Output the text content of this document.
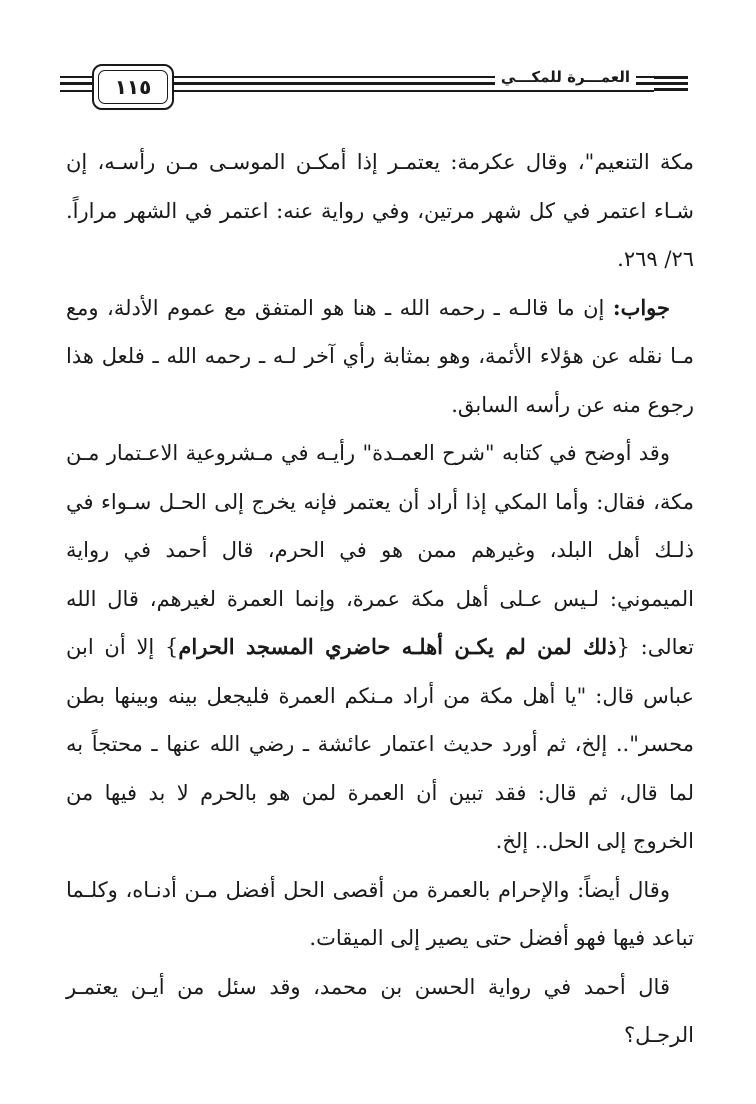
١١٥	العمـــرة للمكـــي

مكة التنعيم"، وقال عكرمة: يعتمـر إذا أمكـن الموسـى مـن رأسـه، إن شـاء اعتمر في كل شهر مرتين، وفي رواية عنه: اعتمر في الشهر مراراً. ٢٦/ ٢٦٩.

جواب: إن ما قالـه ـ رحمه الله ـ هنا هو المتفق مع عموم الأدلة، ومع مـا نقله عن هؤلاء الأئمة، وهو بمثابة رأي آخر لـه ـ رحمه الله ـ فلعل هذا رجوع منه عن رأسه السابق.

وقد أوضح في كتابه "شرح العمـدة" رأيـه في مـشروعية الاعـتمار مـن مكة، فقال: وأما المكي إذا أراد أن يعتمر فإنه يخرج إلى الحـل سـواء في ذلـك أهل البلد، وغيرهم ممن هو في الحرم، قال أحمد في رواية الميموني: لـيس عـلى أهل مكة عمرة، وإنما العمرة لغيرهم، قال الله تعالى: {ذلك لمن لم يكـن أهلـه حاضري المسجد الحرام} إلا أن ابن عباس قال: "يا أهل مكة من أراد مـنكم العمرة فليجعل بينه وبينها بطن محسر".. إلخ، ثم أورد حديث اعتمار عائشة ـ رضي الله عنها ـ محتجاً به لما قال، ثم قال: فقد تبين أن العمرة لمن هو بالحرم لا بد فيها من الخروج إلى الحل.. إلخ.

وقال أيضاً: والإحرام بالعمرة من أقصى الحل أفضل مـن أدنـاه، وكلـما تباعد فيها فهو أفضل حتى يصير إلى الميقات.

قال أحمد في رواية الحسن بن محمد، وقد سئل من أيـن يعتمـر الرجـل؟
